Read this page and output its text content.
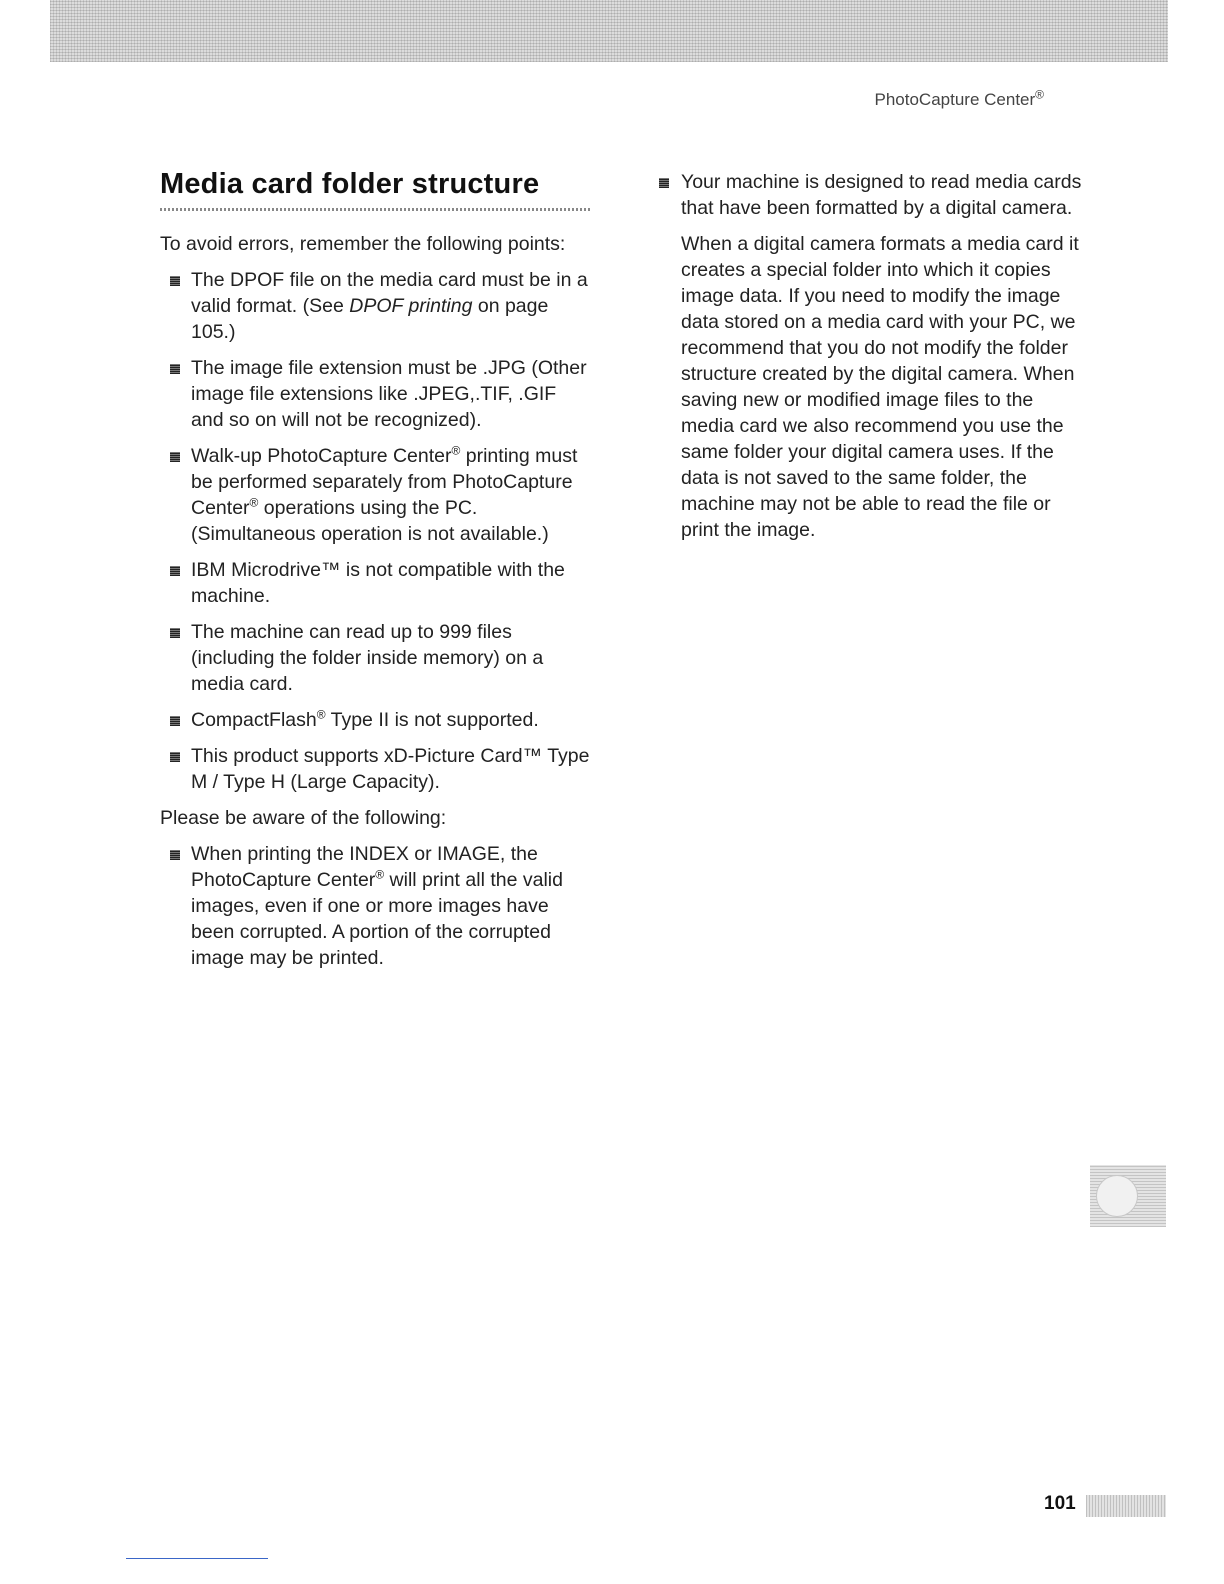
PhotoCapture Center®
Media card folder structure

To avoid errors, remember the following points:

The DPOF file on the media card must be in a valid format. (See DPOF printing on page 105.)
The image file extension must be .JPG (Other image file extensions like .JPEG,.TIF, .GIF and so on will not be recognized).
Walk-up PhotoCapture Center® printing must be performed separately from PhotoCapture Center® operations using the PC. (Simultaneous operation is not available.)
IBM Microdrive™ is not compatible with the machine.
The machine can read up to 999 files (including the folder inside memory) on a media card.
CompactFlash® Type II is not supported.
This product supports xD-Picture Card™ Type M / Type H (Large Capacity).

Please be aware of the following:

When printing the INDEX or IMAGE, the PhotoCapture Center® will print all the valid images, even if one or more images have been corrupted. A portion of the corrupted image may be printed.
Your machine is designed to read media cards that have been formatted by a digital camera.

When a digital camera formats a media card it creates a special folder into which it copies image data. If you need to modify the image data stored on a media card with your PC, we recommend that you do not modify the folder structure created by the digital camera. When saving new or modified image files to the media card we also recommend you use the same folder your digital camera uses. If the data is not saved to the same folder, the machine may not be able to read the file or print the image.

101
